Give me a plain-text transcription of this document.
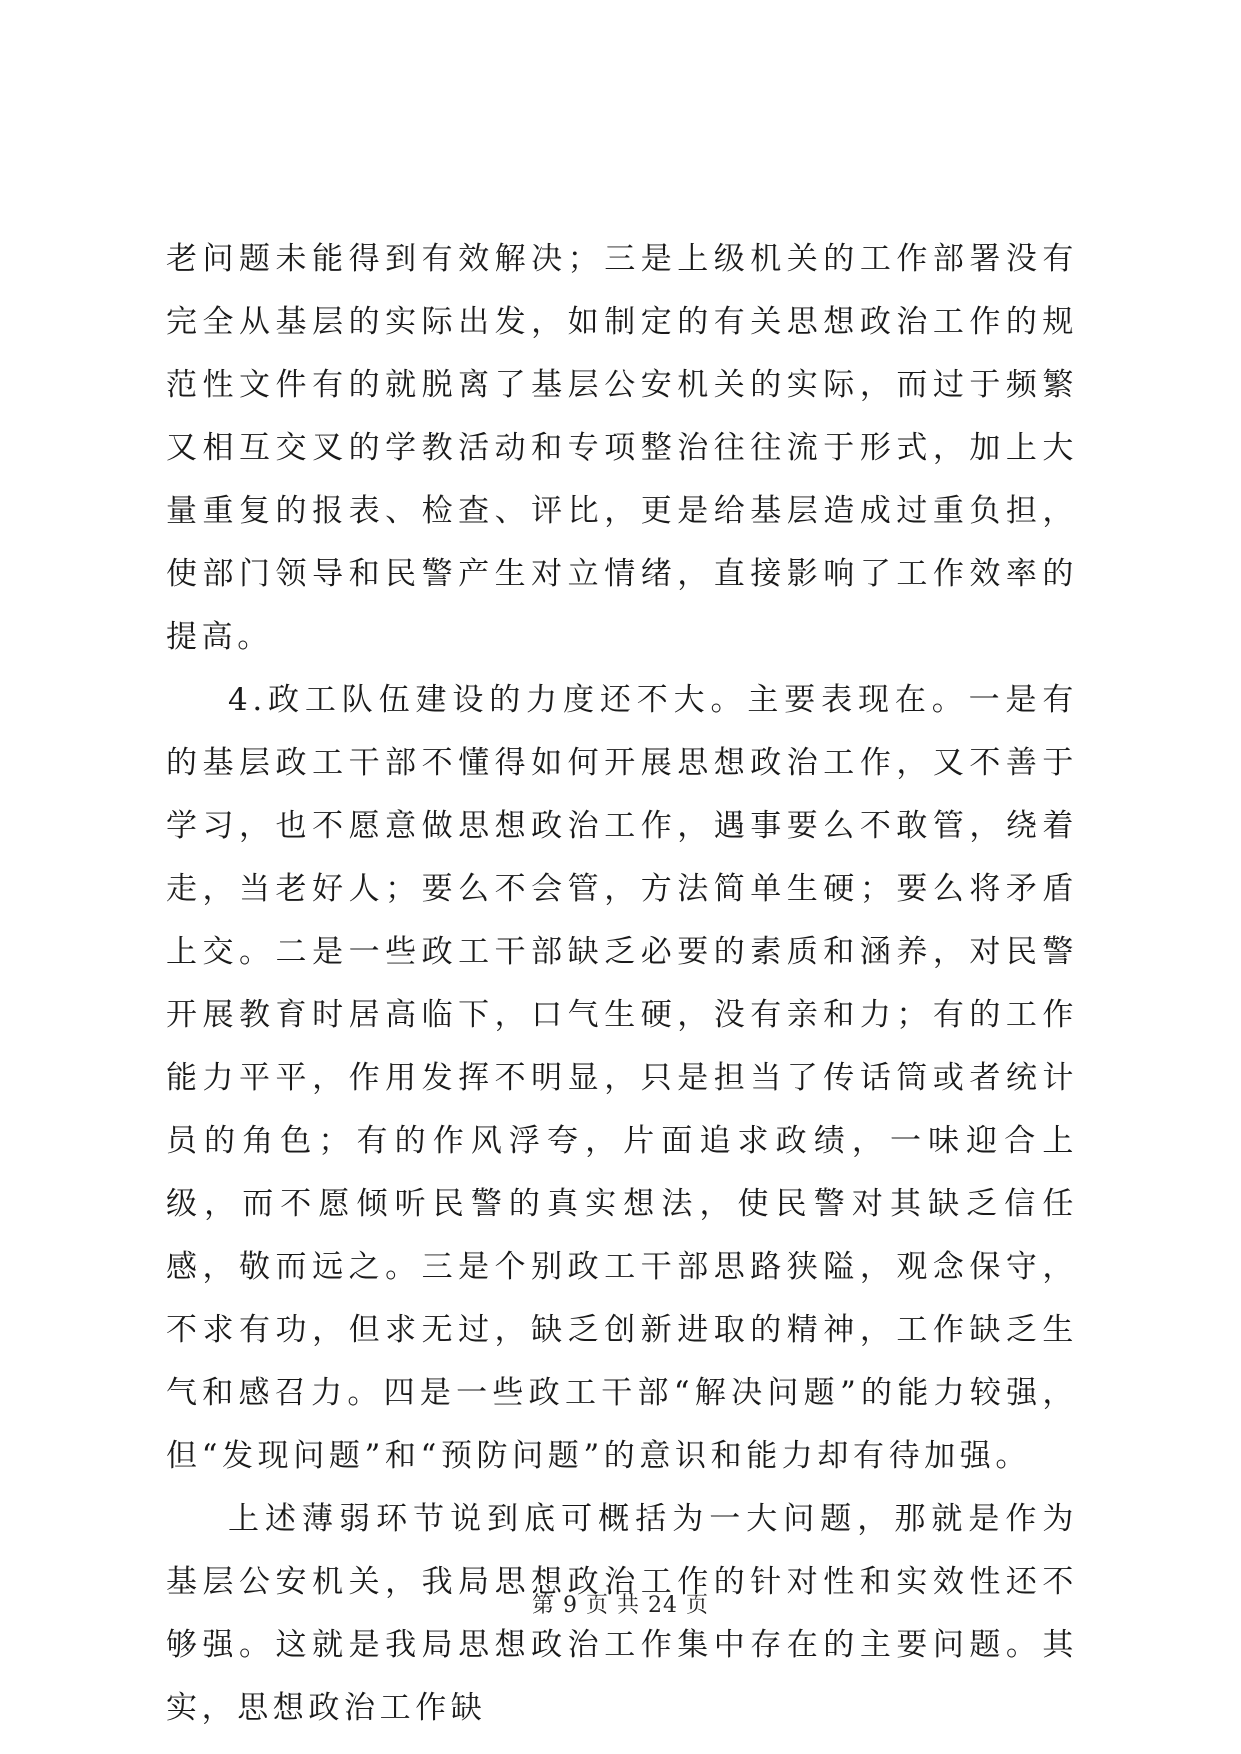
老问题未能得到有效解决；三是上级机关的工作部署没有完全从基层的实际出发，如制定的有关思想政治工作的规范性文件有的就脱离了基层公安机关的实际，而过于频繁又相互交叉的学教活动和专项整治往往流于形式，加上大量重复的报表、检查、评比，更是给基层造成过重负担，使部门领导和民警产生对立情绪，直接影响了工作效率的提高。

4.政工队伍建设的力度还不大。主要表现在。一是有的基层政工干部不懂得如何开展思想政治工作，又不善于学习，也不愿意做思想政治工作，遇事要么不敢管，绕着走，当老好人；要么不会管，方法简单生硬；要么将矛盾上交。二是一些政工干部缺乏必要的素质和涵养，对民警开展教育时居高临下，口气生硬，没有亲和力；有的工作能力平平，作用发挥不明显，只是担当了传话筒或者统计员的角色；有的作风浮夸，片面追求政绩，一味迎合上级，而不愿倾听民警的真实想法，使民警对其缺乏信任感，敬而远之。三是个别政工干部思路狭隘，观念保守，不求有功，但求无过，缺乏创新进取的精神，工作缺乏生气和感召力。四是一些政工干部“解决问题”的能力较强，但“发现问题”和“预防问题”的意识和能力却有待加强。

上述薄弱环节说到底可概括为一大问题，那就是作为基层公安机关，我局思想政治工作的针对性和实效性还不够强。这就是我局思想政治工作集中存在的主要问题。其实，思想政治工作缺

第 9 页 共 24 页
